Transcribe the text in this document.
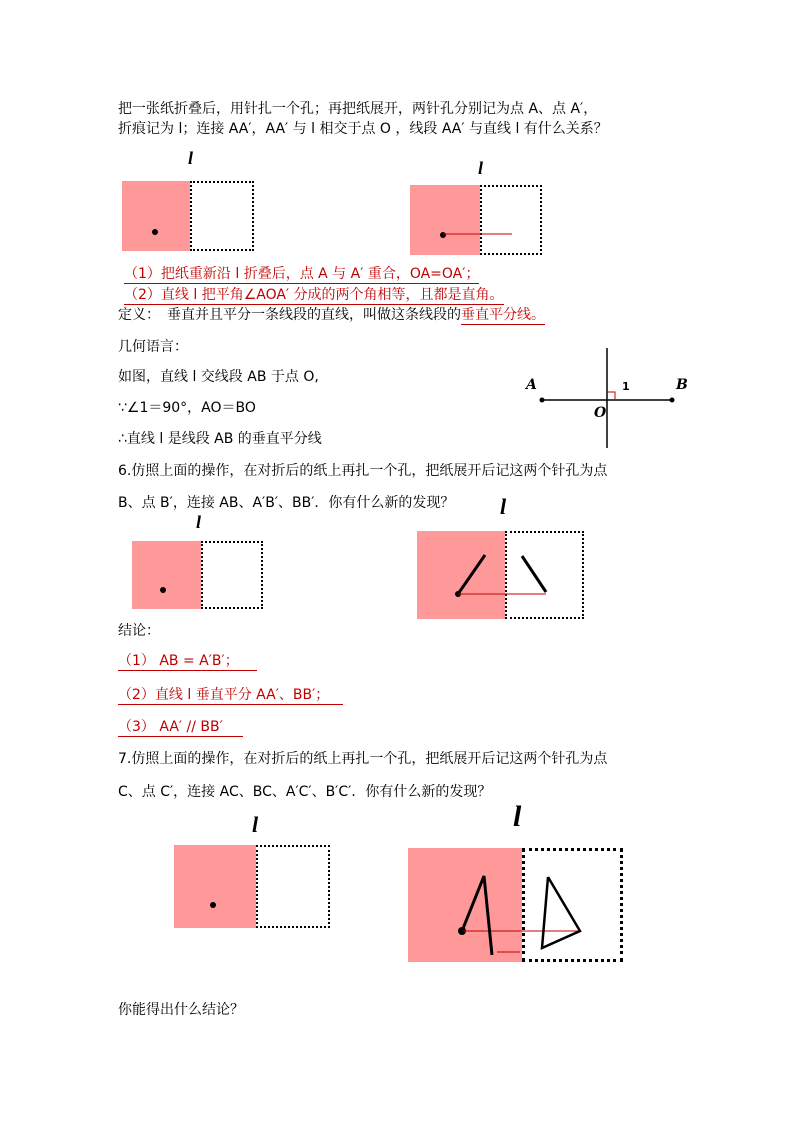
把一张纸折叠后，用针扎一个孔；再把纸展开，两针孔分别记为点 A、点 A′，
折痕记为 l；连接 AA′，AA′ 与 l 相交于点 O ，线段 AA′ 与直线 l 有什么关系？
l	l
（1）把纸重新沿 l 折叠后，点 A 与 A′ 重合，OA=OA′；
（2）直线 l 把平角∠AOA′ 分成的两个角相等，且都是直角。
定义：　垂直并且平分一条线段的直线，叫做这条线段的垂直平分线。
几何语言：
如图，直线 l 交线段 AB 于点 O,
∵∠1＝90°，AO＝BO
∴直线 l 是线段 AB 的垂直平分线
A	B
O
1
6.仿照上面的操作，在对折后的纸上再扎一个孔，把纸展开后记这两个针孔为点
B、点 B′，连接 AB、A′B′、BB′．你有什么新的发现？
l
l
结论：
（1） AB = A′B′；
（2）直线 l 垂直平分 AA′、BB′；
（3） AA′ // BB′
7.仿照上面的操作，在对折后的纸上再扎一个孔，把纸展开后记这两个针孔为点
C、点 C′，连接 AC、BC、A′C′、B′C′．你有什么新的发现？
l	l
你能得出什么结论？
